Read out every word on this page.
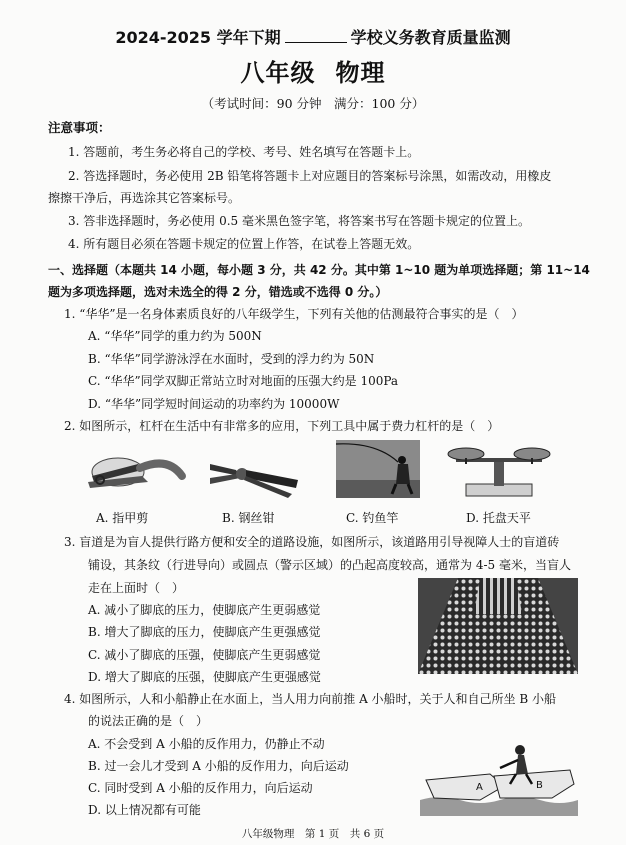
2024-2025 学年下期	学校义务教育质量监测
八年级 物理
（考试时间：90 分钟　满分：100 分）
注意事项：
1. 答题前，考生务必将自己的学校、考号、姓名填写在答题卡上。
2. 答选择题时，务必使用 2B 铅笔将答题卡上对应题目的答案标号涂黑，如需改动，用橡皮
擦擦干净后，再选涂其它答案标号。
3. 答非选择题时，务必使用 0.5 毫米黑色签字笔，将答案书写在答题卡规定的位置上。
4. 所有题目必须在答题卡规定的位置上作答，在试卷上答题无效。
一、选择题（本题共 14 小题，每小题 3 分，共 42 分。其中第 1~10 题为单项选择题；第 11~14
题为多项选择题，选对未选全的得 2 分，错选或不选得 0 分。）
1. “华华”是一名身体素质良好的八年级学生，下列有关他的估测最符合事实的是（　）
A. “华华”同学的重力约为 500N
B. “华华”同学游泳浮在水面时，受到的浮力约为 50N
C. “华华”同学双脚正常站立时对地面的压强大约是 100Pa
D. “华华”同学短时间运动的功率约为 10000W
2. 如图所示，杠杆在生活中有非常多的应用，下列工具中属于费力杠杆的是（　）
A. 指甲剪	B. 钢丝钳	C. 钓鱼竿	D. 托盘天平
3. 盲道是为盲人提供行路方便和安全的道路设施，如图所示，该道路用引导视障人士的盲道砖
铺设，其条纹（行进导向）或圆点（警示区域）的凸起高度较高，通常为 4-5 毫米，当盲人
走在上面时（　）
A. 减小了脚底的压力，使脚底产生更弱感觉
B. 增大了脚底的压力，使脚底产生更强感觉
C. 减小了脚底的压强，使脚底产生更弱感觉
D. 增大了脚底的压强，使脚底产生更强感觉
4. 如图所示，人和小船静止在水面上，当人用力向前推 A 小船时，关于人和自己所坐 B 小船
的说法正确的是（　）
A. 不会受到 A 小船的反作用力，仍静止不动
B. 过一会儿才受到 A 小船的反作用力，向后运动
C. 同时受到 A 小船的反作用力，向后运动
D. 以上情况都有可能
A	B
八年级物理　第 1 页　共 6 页
